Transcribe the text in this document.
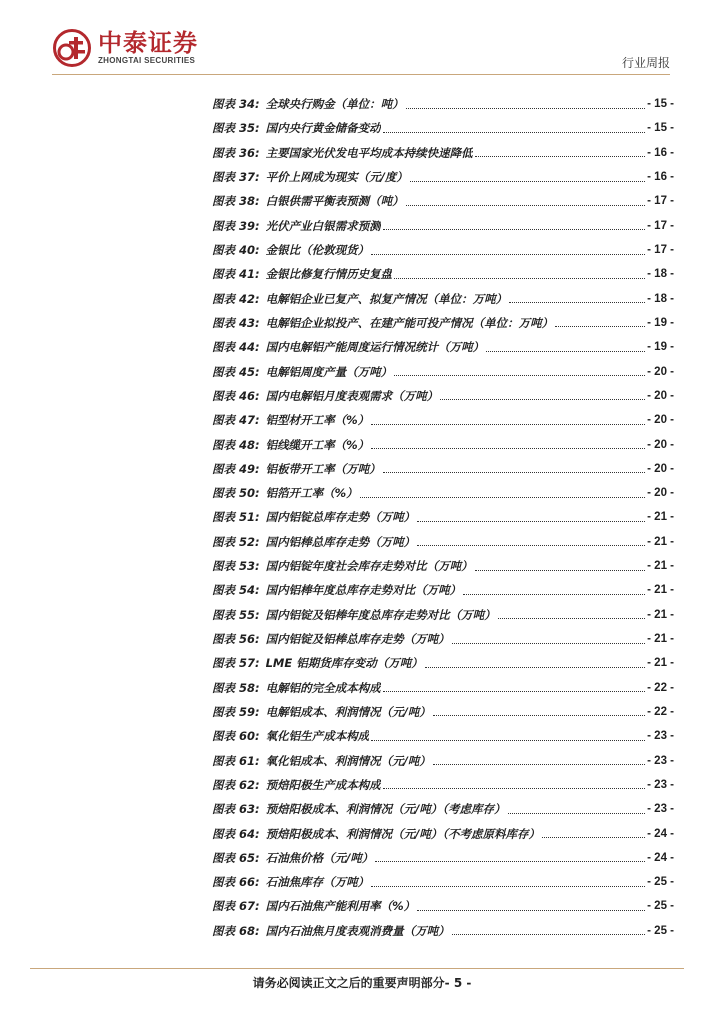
中泰证券
ZHONGTAI SECURITIES	行业周报
图表 34: 全球央行购金（单位：吨）	- 15 -
图表 35: 国内央行黄金储备变动	- 15 -
图表 36: 主要国家光伏发电平均成本持续快速降低	- 16 -
图表 37: 平价上网成为现实（元/度）	- 16 -
图表 38: 白银供需平衡表预测（吨）	- 17 -
图表 39: 光伏产业白银需求预测	- 17 -
图表 40: 金银比（伦敦现货）	- 17 -
图表 41: 金银比修复行情历史复盘	- 18 -
图表 42: 电解铝企业已复产、拟复产情况（单位：万吨）	- 18 -
图表 43: 电解铝企业拟投产、在建产能可投产情况（单位：万吨）	- 19 -
图表 44: 国内电解铝产能周度运行情况统计（万吨）	- 19 -
图表 45: 电解铝周度产量（万吨）	- 20 -
图表 46: 国内电解铝月度表观需求（万吨）	- 20 -
图表 47: 铝型材开工率（%）	- 20 -
图表 48: 铝线缆开工率（%）	- 20 -
图表 49: 铝板带开工率（万吨）	- 20 -
图表 50: 铝箔开工率（%）	- 20 -
图表 51: 国内铝锭总库存走势（万吨）	- 21 -
图表 52: 国内铝棒总库存走势（万吨）	- 21 -
图表 53: 国内铝锭年度社会库存走势对比（万吨）	- 21 -
图表 54: 国内铝棒年度总库存走势对比（万吨）	- 21 -
图表 55: 国内铝锭及铝棒年度总库存走势对比（万吨）	- 21 -
图表 56: 国内铝锭及铝棒总库存走势（万吨）	- 21 -
图表 57: LME 铝期货库存变动（万吨）	- 21 -
图表 58: 电解铝的完全成本构成	- 22 -
图表 59: 电解铝成本、利润情况（元/吨）	- 22 -
图表 60: 氧化铝生产成本构成	- 23 -
图表 61: 氧化铝成本、利润情况（元/吨）	- 23 -
图表 62: 预焙阳极生产成本构成	- 23 -
图表 63: 预焙阳极成本、利润情况（元/吨）（考虑库存）	- 23 -
图表 64: 预焙阳极成本、利润情况（元/吨）（不考虑原料库存）	- 24 -
图表 65: 石油焦价格（元/吨）	- 24 -
图表 66: 石油焦库存（万吨）	- 25 -
图表 67: 国内石油焦产能利用率（%）	- 25 -
图表 68: 国内石油焦月度表观消费量（万吨）	- 25 -
请务必阅读正文之后的重要声明部分- 5 -
